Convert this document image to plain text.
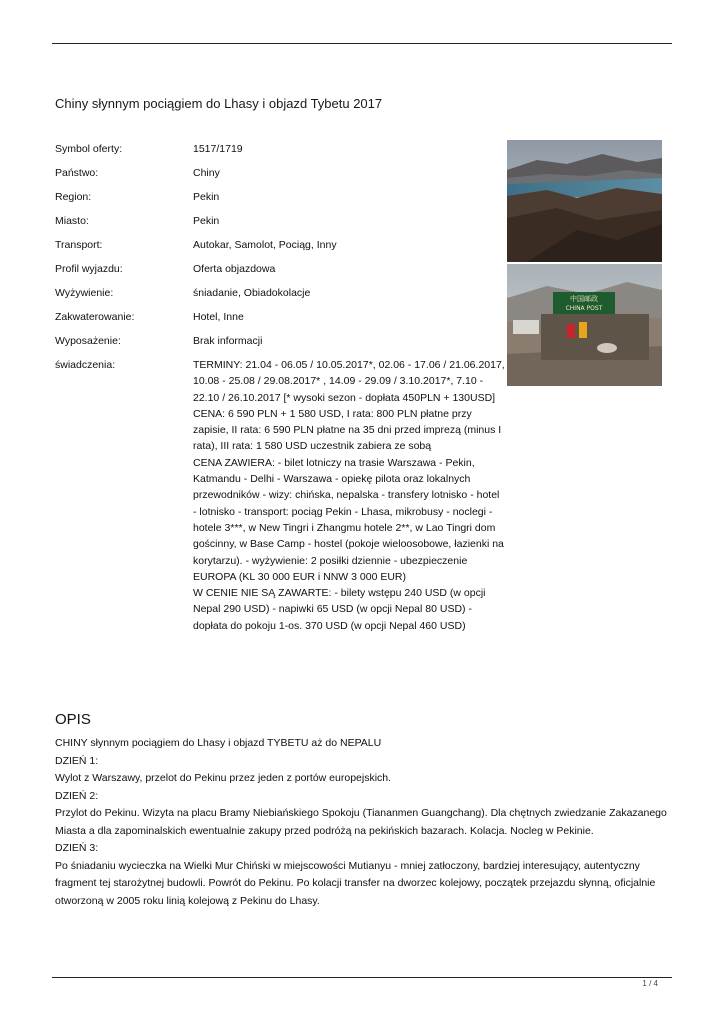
Chiny słynnym pociągiem do Lhasy i objazd Tybetu 2017
Symbol oferty:	1517/1719
Państwo:	Chiny
Region:	Pekin
Miasto:	Pekin
Transport:	Autokar, Samolot, Pociąg, Inny
Profil wyjazdu:	Oferta objazdowa
Wyżywienie:	śniadanie, Obiadokolacje
Zakwaterowanie:	Hotel, Inne
Wyposażenie:	Brak informacji
świadczenia:	TERMINY: 21.04 - 06.05 / 10.05.2017*, 02.06 - 17.06 / 21.06.2017, 10.08 - 25.08 / 29.08.2017* , 14.09 - 29.09 / 3.10.2017*, 7.10 - 22.10 / 26.10.2017 [* wysoki sezon - dopłata 450PLN + 130USD] CENA: 6 590 PLN + 1 580 USD, I rata: 800 PLN płatne przy zapisie, II rata: 6 590 PLN płatne na 35 dni przed imprezą (minus I rata), III rata: 1 580 USD uczestnik zabiera ze sobą

CENA ZAWIERA: - bilet lotniczy na trasie Warszawa - Pekin, Katmandu - Delhi - Warszawa - opiekę pilota oraz lokalnych przewodników - wizy: chińska, nepalska - transfery lotnisko - hotel - lotnisko - transport: pociąg Pekin - Lhasa, mikrobusy - noclegi - hotele 3***, w New Tingri i Zhangmu hotele 2**, w Lao Tingri dom gościnny, w Base Camp - hostel (pokoje wieloosobowe, łazienki na korytarzu). - wyżywienie: 2 posiłki dziennie - ubezpieczenie EUROPA (KL 30 000 EUR i NNW 3 000 EUR)

W CENIE NIE SĄ ZAWARTE: - bilety wstępu 240 USD (w opcji Nepal 290 USD) - napiwki 65 USD (w opcji Nepal 80 USD) - dopłata do pokoju 1-os. 370 USD (w opcji Nepal 460 USD)

中国邮政
CHINA POST
OPIS

CHINY słynnym pociągiem do Lhasy i objazd TYBETU aż do NEPALU

DZIEŃ 1:

Wylot z Warszawy, przelot do Pekinu przez jeden z portów europejskich.

DZIEŃ 2:

Przylot do Pekinu. Wizyta na placu Bramy Niebiańskiego Spokoju (Tiananmen Guangchang). Dla chętnych zwiedzanie Zakazanego Miasta a dla zapominalskich ewentualnie zakupy przed podróżą na pekińskich bazarach. Kolacja. Nocleg w Pekinie.

DZIEŃ 3:

Po śniadaniu wycieczka na Wielki Mur Chiński w miejscowości Mutianyu - mniej zatłoczony, bardziej interesujący, autentyczny fragment tej starożytnej budowli. Powrót do Pekinu. Po kolacji transfer na dworzec kolejowy, początek przejazdu słynną, oficjalnie otworzoną w 2005 roku linią kolejową z Pekinu do Lhasy.

1 / 4
